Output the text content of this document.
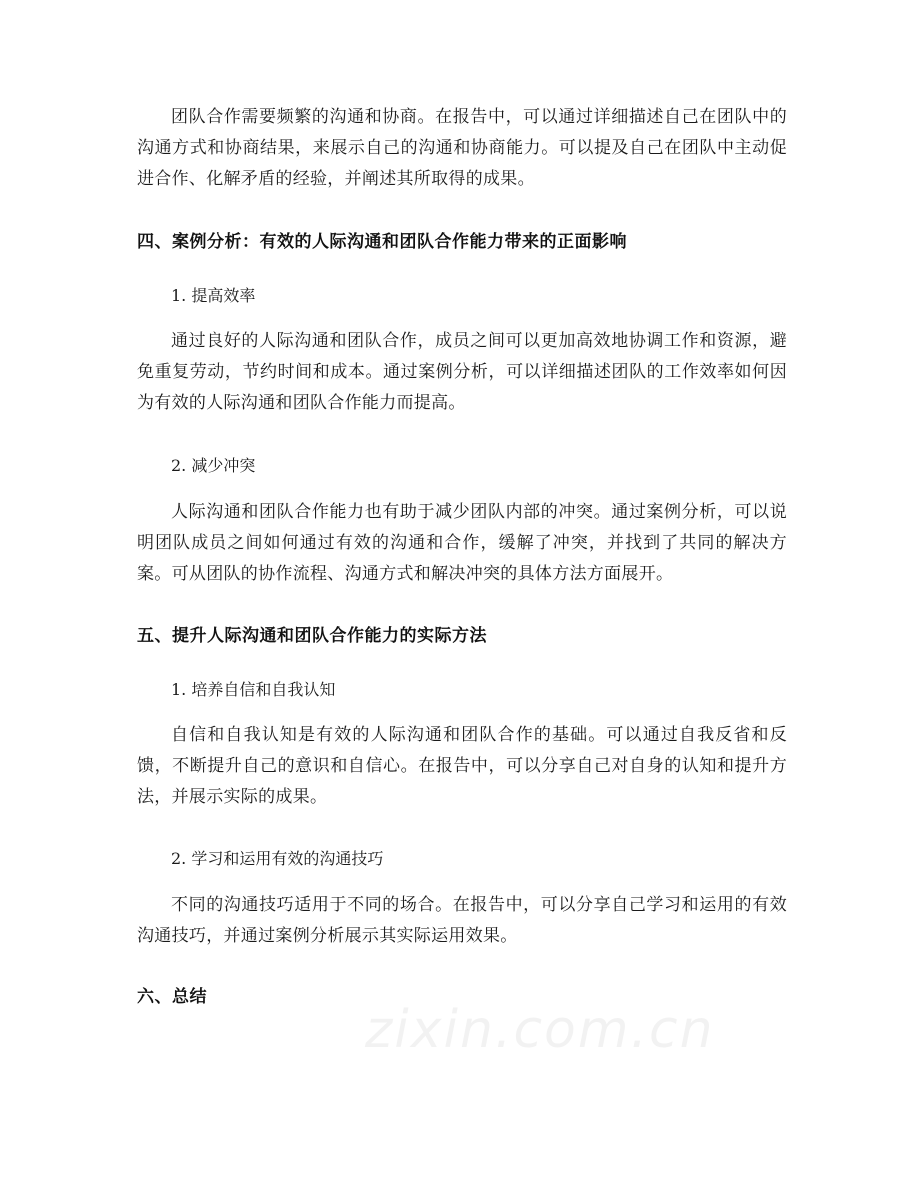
团队合作需要频繁的沟通和协商。在报告中，可以通过详细描述自己在团队中的沟通方式和协商结果，来展示自己的沟通和协商能力。可以提及自己在团队中主动促进合作、化解矛盾的经验，并阐述其所取得的成果。

四、案例分析：有效的人际沟通和团队合作能力带来的正面影响

1. 提高效率

通过良好的人际沟通和团队合作，成员之间可以更加高效地协调工作和资源，避免重复劳动，节约时间和成本。通过案例分析，可以详细描述团队的工作效率如何因为有效的人际沟通和团队合作能力而提高。

2. 减少冲突

人际沟通和团队合作能力也有助于减少团队内部的冲突。通过案例分析，可以说明团队成员之间如何通过有效的沟通和合作，缓解了冲突，并找到了共同的解决方案。可从团队的协作流程、沟通方式和解决冲突的具体方法方面展开。

五、提升人际沟通和团队合作能力的实际方法

1. 培养自信和自我认知

自信和自我认知是有效的人际沟通和团队合作的基础。可以通过自我反省和反馈，不断提升自己的意识和自信心。在报告中，可以分享自己对自身的认知和提升方法，并展示实际的成果。

2. 学习和运用有效的沟通技巧

不同的沟通技巧适用于不同的场合。在报告中，可以分享自己学习和运用的有效沟通技巧，并通过案例分析展示其实际运用效果。

六、总结
zixin.com.cn
